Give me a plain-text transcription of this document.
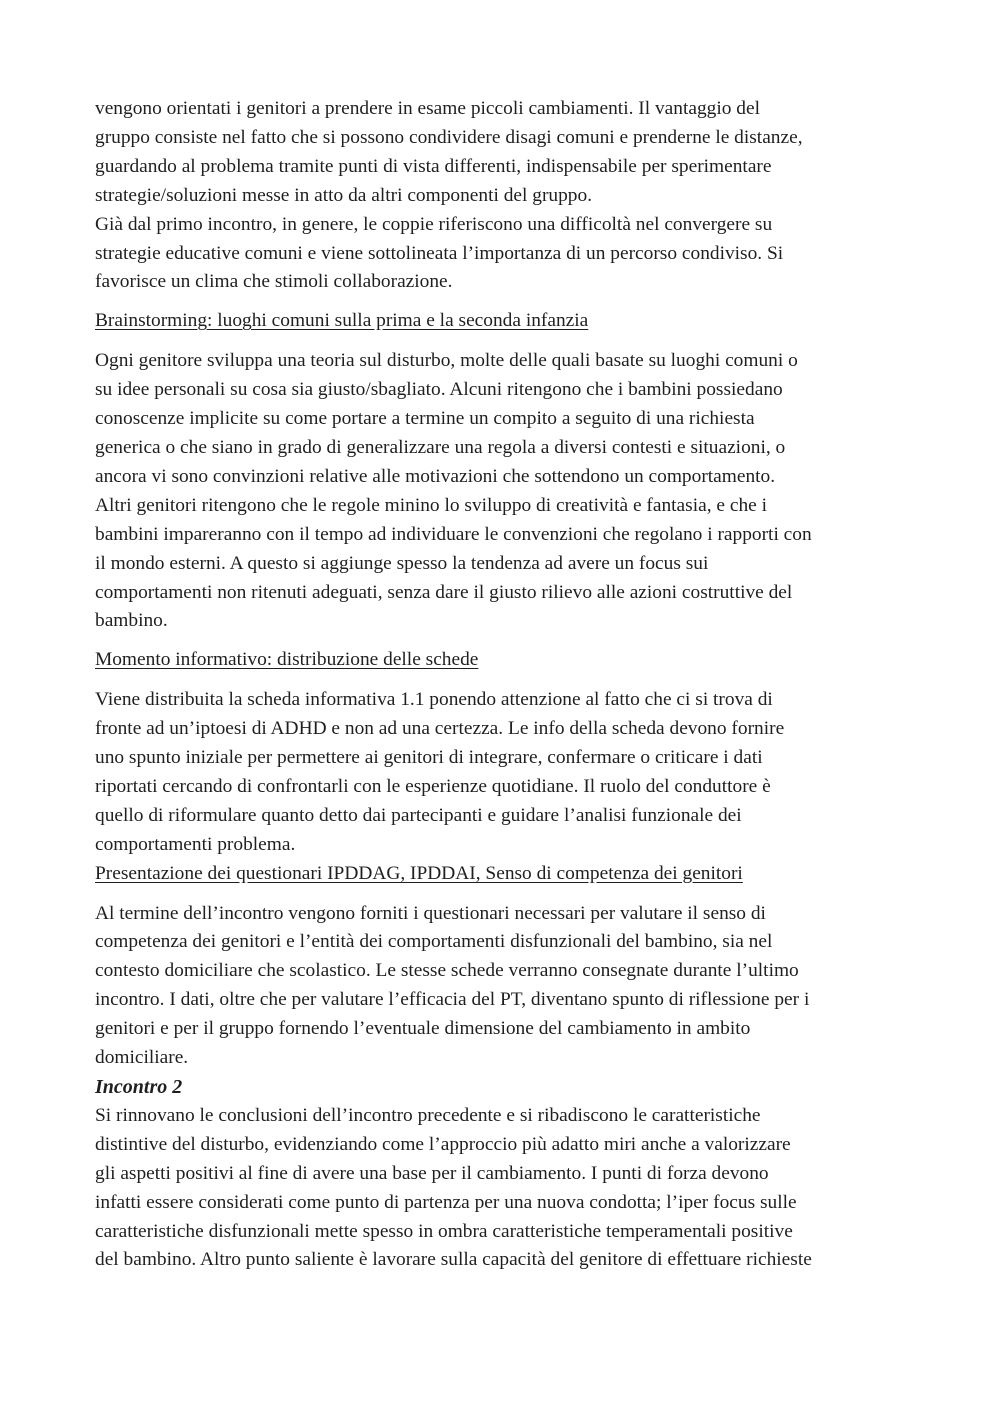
vengono orientati i genitori a prendere in esame piccoli cambiamenti. Il vantaggio del
gruppo consiste nel fatto che si possono condividere disagi comuni e prenderne le distanze,
guardando al problema tramite punti di vista differenti, indispensabile per sperimentare
strategie/soluzioni messe in atto da altri componenti del gruppo.
Già dal primo incontro, in genere, le coppie riferiscono una difficoltà nel convergere su
strategie educative comuni e viene sottolineata l’importanza di un percorso condiviso. Si
favorisce un clima che stimoli collaborazione.

Brainstorming: luoghi comuni sulla prima e la seconda infanzia

Ogni genitore sviluppa una teoria sul disturbo, molte delle quali basate su luoghi comuni o
su idee personali su cosa sia giusto/sbagliato. Alcuni ritengono che i bambini possiedano
conoscenze implicite su come portare a termine un compito a seguito di una richiesta
generica o che siano in grado di generalizzare una regola a diversi contesti e situazioni, o
ancora vi sono convinzioni relative alle motivazioni che sottendono un comportamento.
Altri genitori ritengono che le regole minino lo sviluppo di creatività e fantasia, e che i
bambini impareranno con il tempo ad individuare le convenzioni che regolano i rapporti con
il mondo esterni. A questo si aggiunge spesso la tendenza ad avere un focus sui
comportamenti non ritenuti adeguati, senza dare il giusto rilievo alle azioni costruttive del
bambino.

Momento informativo: distribuzione delle schede

Viene distribuita la scheda informativa 1.1 ponendo attenzione al fatto che ci si trova di
fronte ad un’iptoesi di ADHD e non ad una certezza. Le info della scheda devono fornire
uno spunto iniziale per permettere ai genitori di integrare, confermare o criticare i dati
riportati cercando di confrontarli con le esperienze quotidiane. Il ruolo del conduttore è
quello di riformulare quanto detto dai partecipanti e guidare l’analisi funzionale dei
comportamenti problema.

Presentazione dei questionari IPDDAG, IPDDAI, Senso di competenza dei genitori

Al termine dell’incontro vengono forniti i questionari necessari per valutare il senso di
competenza dei genitori e l’entità dei comportamenti disfunzionali del bambino, sia nel
contesto domiciliare che scolastico. Le stesse schede verranno consegnate durante l’ultimo
incontro. I dati, oltre che per valutare l’efficacia del PT, diventano spunto di riflessione per i
genitori e per il gruppo fornendo l’eventuale dimensione del cambiamento in ambito
domiciliare.

Incontro 2

Si rinnovano le conclusioni dell’incontro precedente e si ribadiscono le caratteristiche
distintive del disturbo, evidenziando come l’approccio più adatto miri anche a valorizzare
gli aspetti positivi al fine di avere una base per il cambiamento. I punti di forza devono
infatti essere considerati come punto di partenza per una nuova condotta; l’iper focus sulle
caratteristiche disfunzionali mette spesso in ombra caratteristiche temperamentali positive
del bambino. Altro punto saliente è lavorare sulla capacità del genitore di effettuare richieste
